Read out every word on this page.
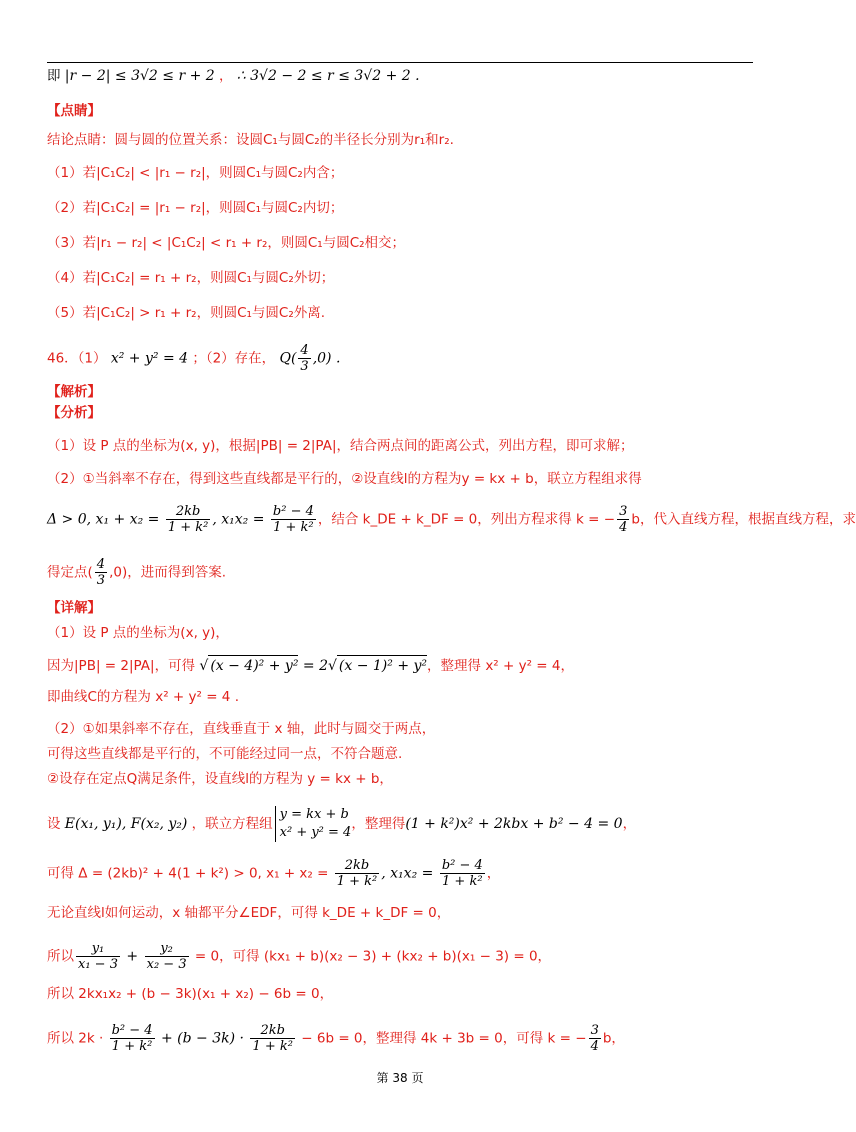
即 |r − 2| ≤ 3√2 ≤ r + 2 ， ∴ 3√2 − 2 ≤ r ≤ 3√2 + 2 .
【点睛】
结论点睛：圆与圆的位置关系：设圆C₁与圆C₂的半径长分别为r₁和r₂.
（1）若|C₁C₂| < |r₁ − r₂|，则圆C₁与圆C₂内含；
（2）若|C₁C₂| = |r₁ − r₂|，则圆C₁与圆C₂内切；
（3）若|r₁ − r₂| < |C₁C₂| < r₁ + r₂，则圆C₁与圆C₂相交；
（4）若|C₁C₂| = r₁ + r₂，则圆C₁与圆C₂外切；
（5）若|C₁C₂| > r₁ + r₂，则圆C₁与圆C₂外离.
46．（1） x² + y² = 4 ；（2）存在， $Q( \frac{4}{3} ,0)$ .
【解析】
【分析】
（1）设 P 点的坐标为(x, y)，根据|PB| = 2|PA|，结合两点间的距离公式，列出方程，即可求解；
（2）①当斜率不存在，得到这些直线都是平行的，②设直线l的方程为y = kx + b，联立方程组求得
Δ > 0, $x_1 + x_2 = \frac{2kb}{\text{1 + k²}}$ , $x_1x_2 = \frac{\text{b² − 4}}{\text{1 + k²}}$ ，结合 k_DE + k_DF = 0，列出方程求得 k = − $\frac{3}{4}$ b，代入直线方程，根据直线方程，求
得定点( $\frac{4}{3} ,0$)，进而得到答案.
【详解】
（1）设 P 点的坐标为(x, y)，
因为|PB| = 2|PA|，可得 √ (x − 4)² + y² = 2√ (x − 1)² + y²，整理得 x² + y² = 4，
即曲线C的方程为 x² + y² = 4 .
（2）①如果斜率不存在，直线垂直于 x 轴，此时与圆交于两点，
可得这些直线都是平行的，不可能经过同一点，不符合题意.
②设存在定点Q满足条件，设直线l的方程为 y = kx + b，
设 E(x₁, y₁), F(x₂, y₂) ，联立方程组
y = kx + b
x² + y² = 4
，整理得(1 + k²)x² + 2kbx + b² − 4 = 0，
可得 Δ = (2kb)² + 4(1 + k²) > 0, $x_1 + x_2 = \frac{2kb}{\text{1 + k²}}$ , $x_1x_2 = \frac{\text{b² − 4}}{\text{1 + k²}}$ ，
无论直线l如何运动，x 轴都平分∠EDF，可得 k_DE + k_DF = 0，
所以 $\frac{\text{y₁}}{\text{x₁ − 3}} + \frac{\text{y₂}}{\text{x₂ − 3}} = 0$，可得 (kx₁ + b)(x₂ − 3) + (kx₂ + b)(x₁ − 3) = 0，
所以 2kx₁x₂ + (b − 3k)(x₁ + x₂) − 6b = 0，
所以 $2k \cdot \frac{\text{b² − 4}}{\text{1 + k²}} + (b - 3k) \cdot \frac{2kb}{\text{1 + k²}} - 6b = 0$，整理得 4k + 3b = 0，可得 k = − $\frac{3}{4}$ b，
第 38 页
